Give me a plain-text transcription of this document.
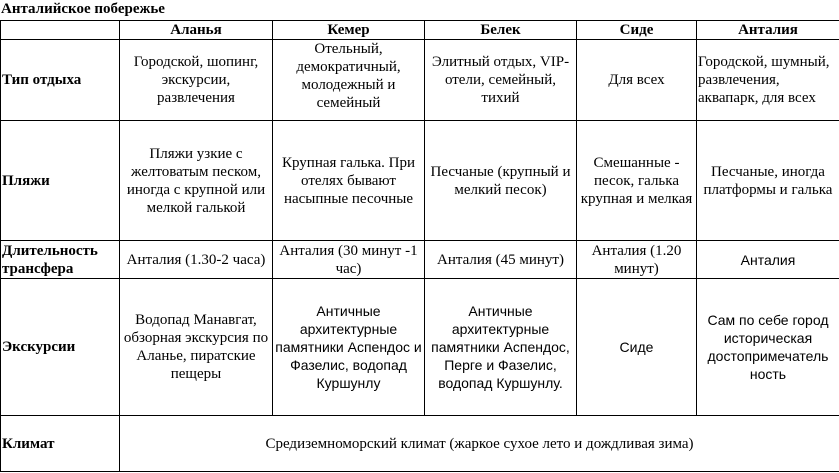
Анталийское побережье
	Аланья	Кемер	Белек	Сиде	Анталия
Тип отдыха	Городской, шопинг, экскурсии, развлечения	Отельный, демократичный, молодежный и семейный	Элитный отдых, VIP-отели, семейный, тихий	Для всех	Городской, шумный, развлечения, аквапарк, для всех
Пляжи	Пляжи узкие с желтоватым песком, иногда с крупной или мелкой галькой	Крупная галька. При отелях бывают насыпные песочные	Песчаные (крупный и мелкий песок)	Смешанные - песок, галька крупная и мелкая	Песчаные, иногда платформы и галька
Длительность трансфера	Анталия (1.30-2 часа)	Анталия (30 минут -1 час)	Анталия (45 минут)	Анталия (1.20 минут)	Анталия
Экскурсии	Водопад Манавгат, обзорная экскурсия по Аланье, пиратские пещеры	Античные архитектурные памятники Аспендос и Фазелис, водопад Куршунлу	Античные архитектурные памятники Аспендос, Перге и Фазелис, водопад Куршунлу.	Сиде	Сам по себе город историческая достопримечатель ность
Климат	Средиземноморский климат (жаркое сухое лето и дождливая зима)				
